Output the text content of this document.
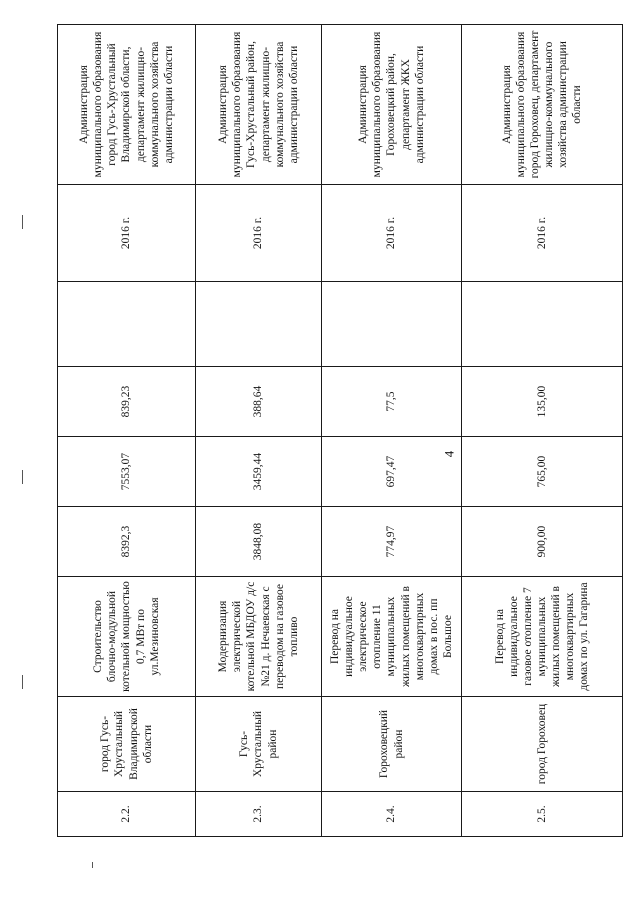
4
2.2.	город Гусь-Хрустальный Владимирской области	Строительство блочно-модульной котельной мощностью 0,7 МВт по ул.Мезиновская	8392,3	7553,07	839,23		2016 г.	Администрация муниципального образования город Гусь-Хрустальный Владимирской области, департамент жилищно-коммунального хозяйства администрации области
2.3.	Гусь-Хрустальный район	Модернизация электрической котельной МБДОУ д/с №21 д. Нечаевская с переводом на газовое топливо	3848,08	3459,44	388,64		2016 г.	Администрация муниципального образования Гусь-Хрустальный район, департамент жилищно-коммунального хозяйства администрации области
2.4.	Гороховецкий район	Перевод на индивидуальное электрическое отопление 11 муниципальных жилых помещений в многоквартирных домах в пос. пп Большое	774,97	697,47	77,5		2016 г.	Администрация муниципального образования Гороховецкий район, департамент ЖКХ администрации области
2.5.	город Гороховец	Перевод на индивидуальное газовое отопление 7 муниципальных жилых помещений в многоквартирных домах по ул. Гагарина	900,00	765,00	135,00		2016 г.	Администрация муниципального образования город Гороховец, департамент жилищно-коммунального хозяйства администрации области
